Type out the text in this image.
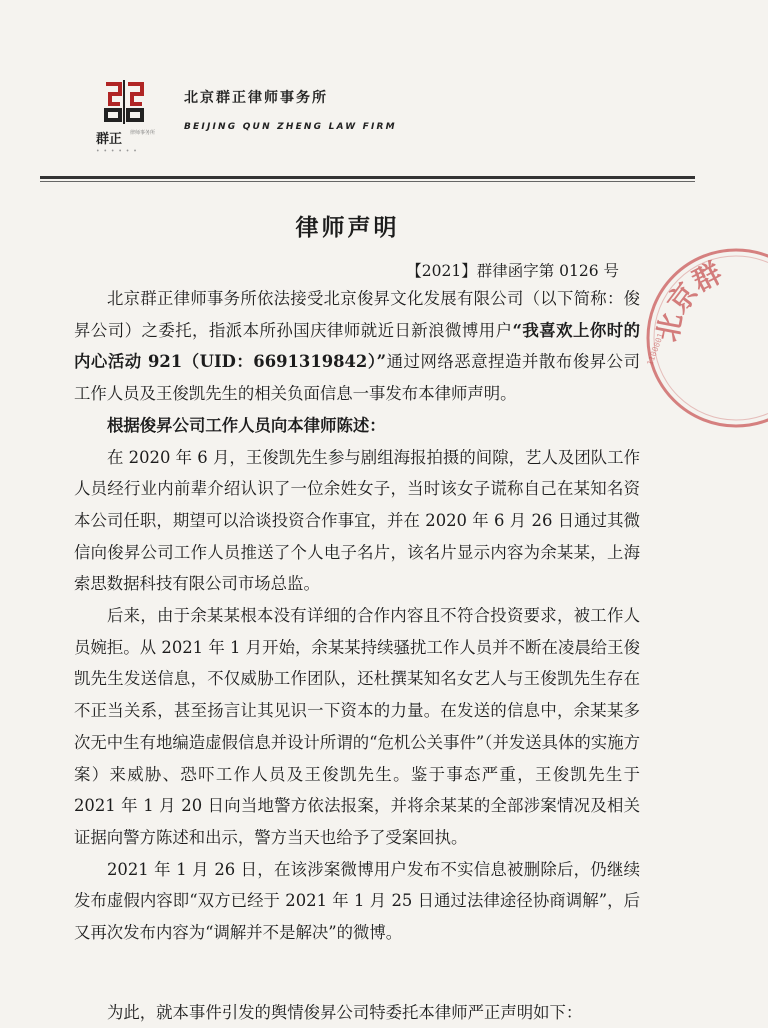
群正 律师事务所
• • • • • •
北京群正律师事务所
BEIJING QUN ZHENG LAW FIRM
北京群
1100001
律师声明
【2021】群律函字第 0126 号

北京群正律师事务所依法接受北京俊昇文化发展有限公司（以下简称：俊昇公司）之委托，指派本所孙国庆律师就近日新浪微博用户“我喜欢上你时的内心活动 921（UID：6691319842）”通过网络恶意捏造并散布俊昇公司工作人员及王俊凯先生的相关负面信息一事发布本律师声明。

根据俊昇公司工作人员向本律师陈述：

在 2020 年 6 月，王俊凯先生参与剧组海报拍摄的间隙，艺人及团队工作人员经行业内前辈介绍认识了一位余姓女子，当时该女子谎称自己在某知名资本公司任职，期望可以洽谈投资合作事宜，并在 2020 年 6 月 26 日通过其微信向俊昇公司工作人员推送了个人电子名片，该名片显示内容为余某某，上海索思数据科技有限公司市场总监。

后来，由于余某某根本没有详细的合作内容且不符合投资要求，被工作人员婉拒。从 2021 年 1 月开始，余某某持续骚扰工作人员并不断在凌晨给王俊凯先生发送信息，不仅威胁工作团队，还杜撰某知名女艺人与王俊凯先生存在不正当关系，甚至扬言让其见识一下资本的力量。在发送的信息中，余某某多次无中生有地编造虚假信息并设计所谓的“危机公关事件”（并发送具体的实施方案）来威胁、恐吓工作人员及王俊凯先生。鉴于事态严重，王俊凯先生于 2021 年 1 月 20 日向当地警方依法报案，并将余某某的全部涉案情况及相关证据向警方陈述和出示，警方当天也给予了受案回执。

2021 年 1 月 26 日，在该涉案微博用户发布不实信息被删除后，仍继续发布虚假内容即“双方已经于 2021 年 1 月 25 日通过法律途径协商调解”，后又再次发布内容为“调解并不是解决”的微博。

为此，就本事件引发的舆情俊昇公司特委托本律师严正声明如下：
